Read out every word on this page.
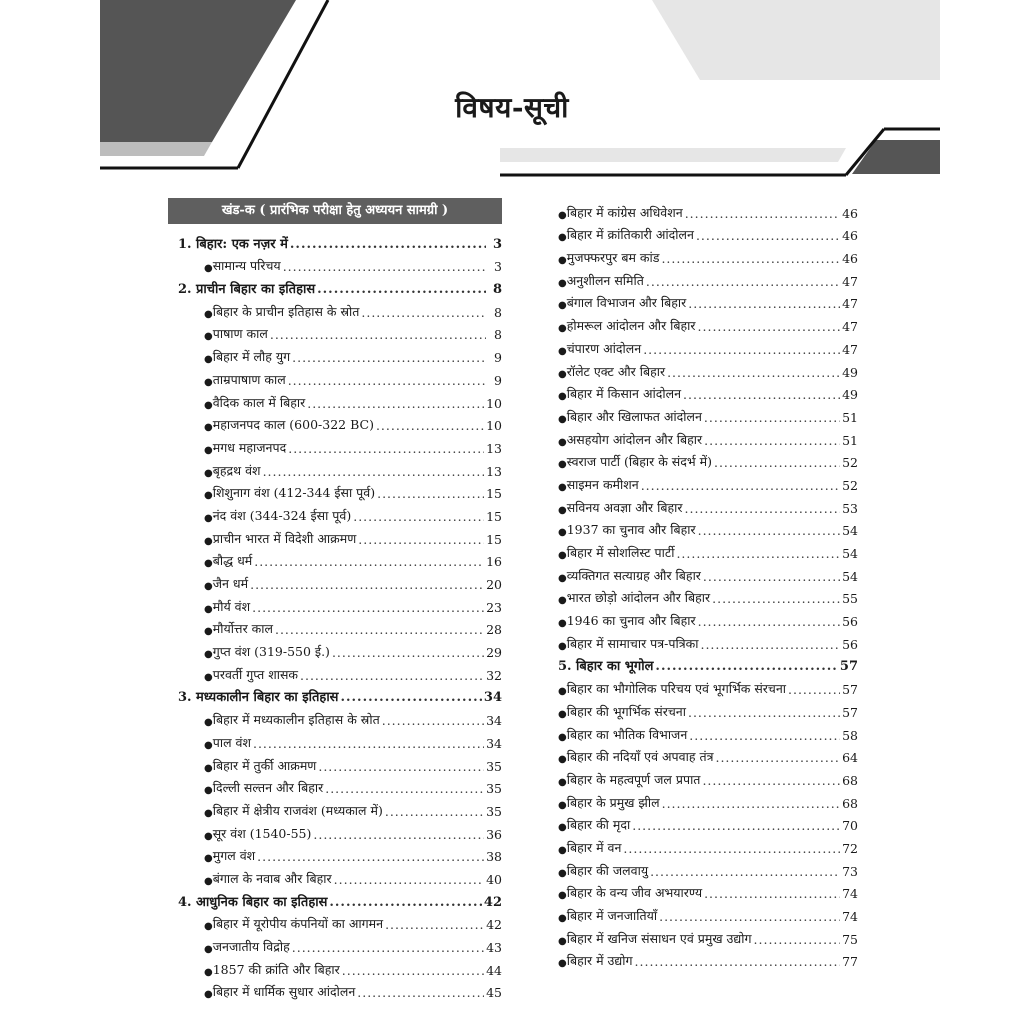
विषय-सूची
खंड-क ( प्रारंभिक परीक्षा हेतु अध्ययन सामग्री )
1. बिहार: एक नज़र में .....	3
● सामान्य परिचय .....	3
2. प्राचीन बिहार का इतिहास .....	8
● बिहार के प्राचीन इतिहास के स्रोत .....	8
● पाषाण काल .....	8
● बिहार में लौह युग .....	9
● ताम्रपाषाण काल .....	9
● वैदिक काल में बिहार .....	10
● महाजनपद काल (600-322 BC) .....	10
● मगध महाजनपद .....	13
● बृहद्रथ वंश .....	13
● शिशुनाग वंश (412-344 ईसा पूर्व) .....	15
● नंद वंश (344-324 ईसा पूर्व) .....	15
● प्राचीन भारत में विदेशी आक्रमण .....	15
● बौद्ध धर्म .....	16
● जैन धर्म .....	20
● मौर्य वंश .....	23
● मौर्योत्तर काल .....	28
● गुप्त वंश (319-550 ई.) .....	29
● परवर्ती गुप्त शासक .....	32
3. मध्यकालीन बिहार का इतिहास .....	34
● बिहार में मध्यकालीन इतिहास के स्रोत .....	34
● पाल वंश .....	34
● बिहार में तुर्की आक्रमण .....	35
● दिल्ली सल्तन और बिहार .....	35
● बिहार में क्षेत्रीय राजवंश (मध्यकाल में) .....	35
● सूर वंश (1540-55) .....	36
● मुगल वंश .....	38
● बंगाल के नवाब और बिहार .....	40
4. आधुनिक बिहार का इतिहास .....	42
● बिहार में यूरोपीय कंपनियों का आगमन .....	42
● जनजातीय विद्रोह .....	43
● 1857 की क्रांति और बिहार .....	44
● बिहार में धार्मिक सुधार आंदोलन .....	45
● बिहार में कांग्रेस अधिवेशन .....	46
● बिहार में क्रांतिकारी आंदोलन .....	46
● मुजफ्फरपुर बम कांड .....	46
● अनुशीलन समिति .....	47
● बंगाल विभाजन और बिहार .....	47
● होमरूल आंदोलन और बिहार .....	47
● चंपारण आंदोलन .....	47
● रॉलेट एक्ट और बिहार .....	49
● बिहार में किसान आंदोलन .....	49
● बिहार और खिलाफत आंदोलन .....	51
● असहयोग आंदोलन और बिहार .....	51
● स्वराज पार्टी (बिहार के संदर्भ में) .....	52
● साइमन कमीशन .....	52
● सविनय अवज्ञा और बिहार .....	53
● 1937 का चुनाव और बिहार .....	54
● बिहार में सोशलिस्ट पार्टी .....	54
● व्यक्तिगत सत्याग्रह और बिहार .....	54
● भारत छोड़ो आंदोलन और बिहार .....	55
● 1946 का चुनाव और बिहार .....	56
● बिहार में सामाचार पत्र-पत्रिका .....	56
5. बिहार का भूगोल .....	57
● बिहार का भौगोलिक परिचय एवं भूगर्भिक संरचना .....	57
● बिहार की भूगर्भिक संरचना .....	57
● बिहार का भौतिक विभाजन .....	58
● बिहार की नदियाँ एवं अपवाह तंत्र .....	64
● बिहार के महत्वपूर्ण जल प्रपात .....	68
● बिहार के प्रमुख झील .....	68
● बिहार की मृदा .....	70
● बिहार में वन .....	72
● बिहार की जलवायु .....	73
● बिहार के वन्य जीव अभयारण्य .....	74
● बिहार में जनजातियाँ .....	74
● बिहार में खनिज संसाधन एवं प्रमुख उद्योग .....	75
● बिहार में उद्योग .....	77
